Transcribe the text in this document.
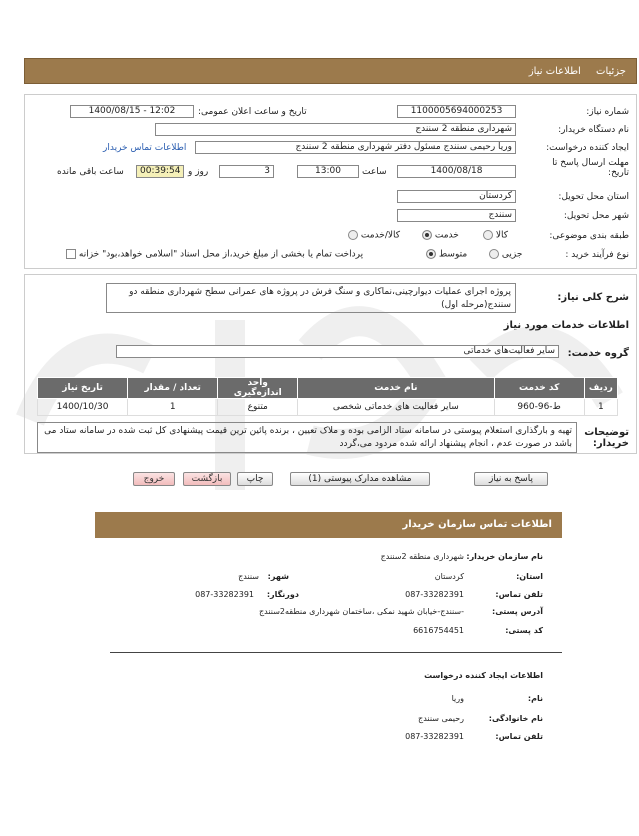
جزئیات اطلاعات نیاز
شماره نیاز:
1100005694000253
تاریخ و ساعت اعلان عمومی:
1400/08/15 - 12:02
نام دستگاه خریدار:
شهرداری منطقه 2 سنندج
ایجاد کننده درخواست:
وریا رحیمی سنندج مسئول دفتر شهرداری منطقه 2 سنندج
اطلاعات تماس خریدار
مهلت ارسال پاسخ تا تاریخ:
1400/08/18
ساعت
13:00
3
روز و
00:39:54
ساعت باقی مانده
استان محل تحویل:
کردستان
شهر محل تحویل:
سنندج
طبقه بندی موضوعی:
کالا
خدمت
کالا/خدمت
نوع فرآیند خرید :
جزیی
متوسط
پرداخت تمام یا بخشی از مبلغ خرید،از محل اسناد "اسلامی خواهد،بود" خزانه
شرح کلی نیاز:
پروژه اجرای عملیات دیوارچینی،نماکاری و سنگ فرش در پروژه های عمرانی سطح شهرداری منطقه دو سنندج(مرحله اول)
اطلاعات خدمات مورد نیاز
گروه خدمت:
سایر فعالیت‌های خدماتی
ردیف	کد خدمت	نام خدمت	واحد اندازه‌گیری	تعداد / مقدار	تاریخ نیاز
1	ط-96-960	سایر فعالیت های خدماتی شخصی	متنوع	1	1400/10/30
توضیحات خریدار:
تهیه و بارگذاری استعلام پیوستی در سامانه ستاد الزامی بوده و ملاک تعیین ، برنده پائین ترین قیمت پیشنهادی کل ثبت شده در سامانه ستاد می باشد در صورت عدم ، انجام پیشنهاد ارائه شده مردود می،گردد
پاسخ به نیاز
مشاهده مدارک پیوستی (1)
چاپ
بازگشت
خروج
اطلاعات تماس سازمان خریدار
نام سازمان خریدار:
شهرداری منطقه 2سنندج
استان:
کردستان
شهر:
سنندج
تلفن تماس:
087-33282391
دورنگار:
087-33282391
آدرس پستی:
-سنندج-خیابان شهید نمکی ،ساختمان شهرداری منطقه2سنندج
کد پستی:
6616754451
اطلاعات ایجاد کننده درخواست
نام:
وریا
نام خانوادگی:
رحیمی سنندج
تلفن تماس:
087-33282391
